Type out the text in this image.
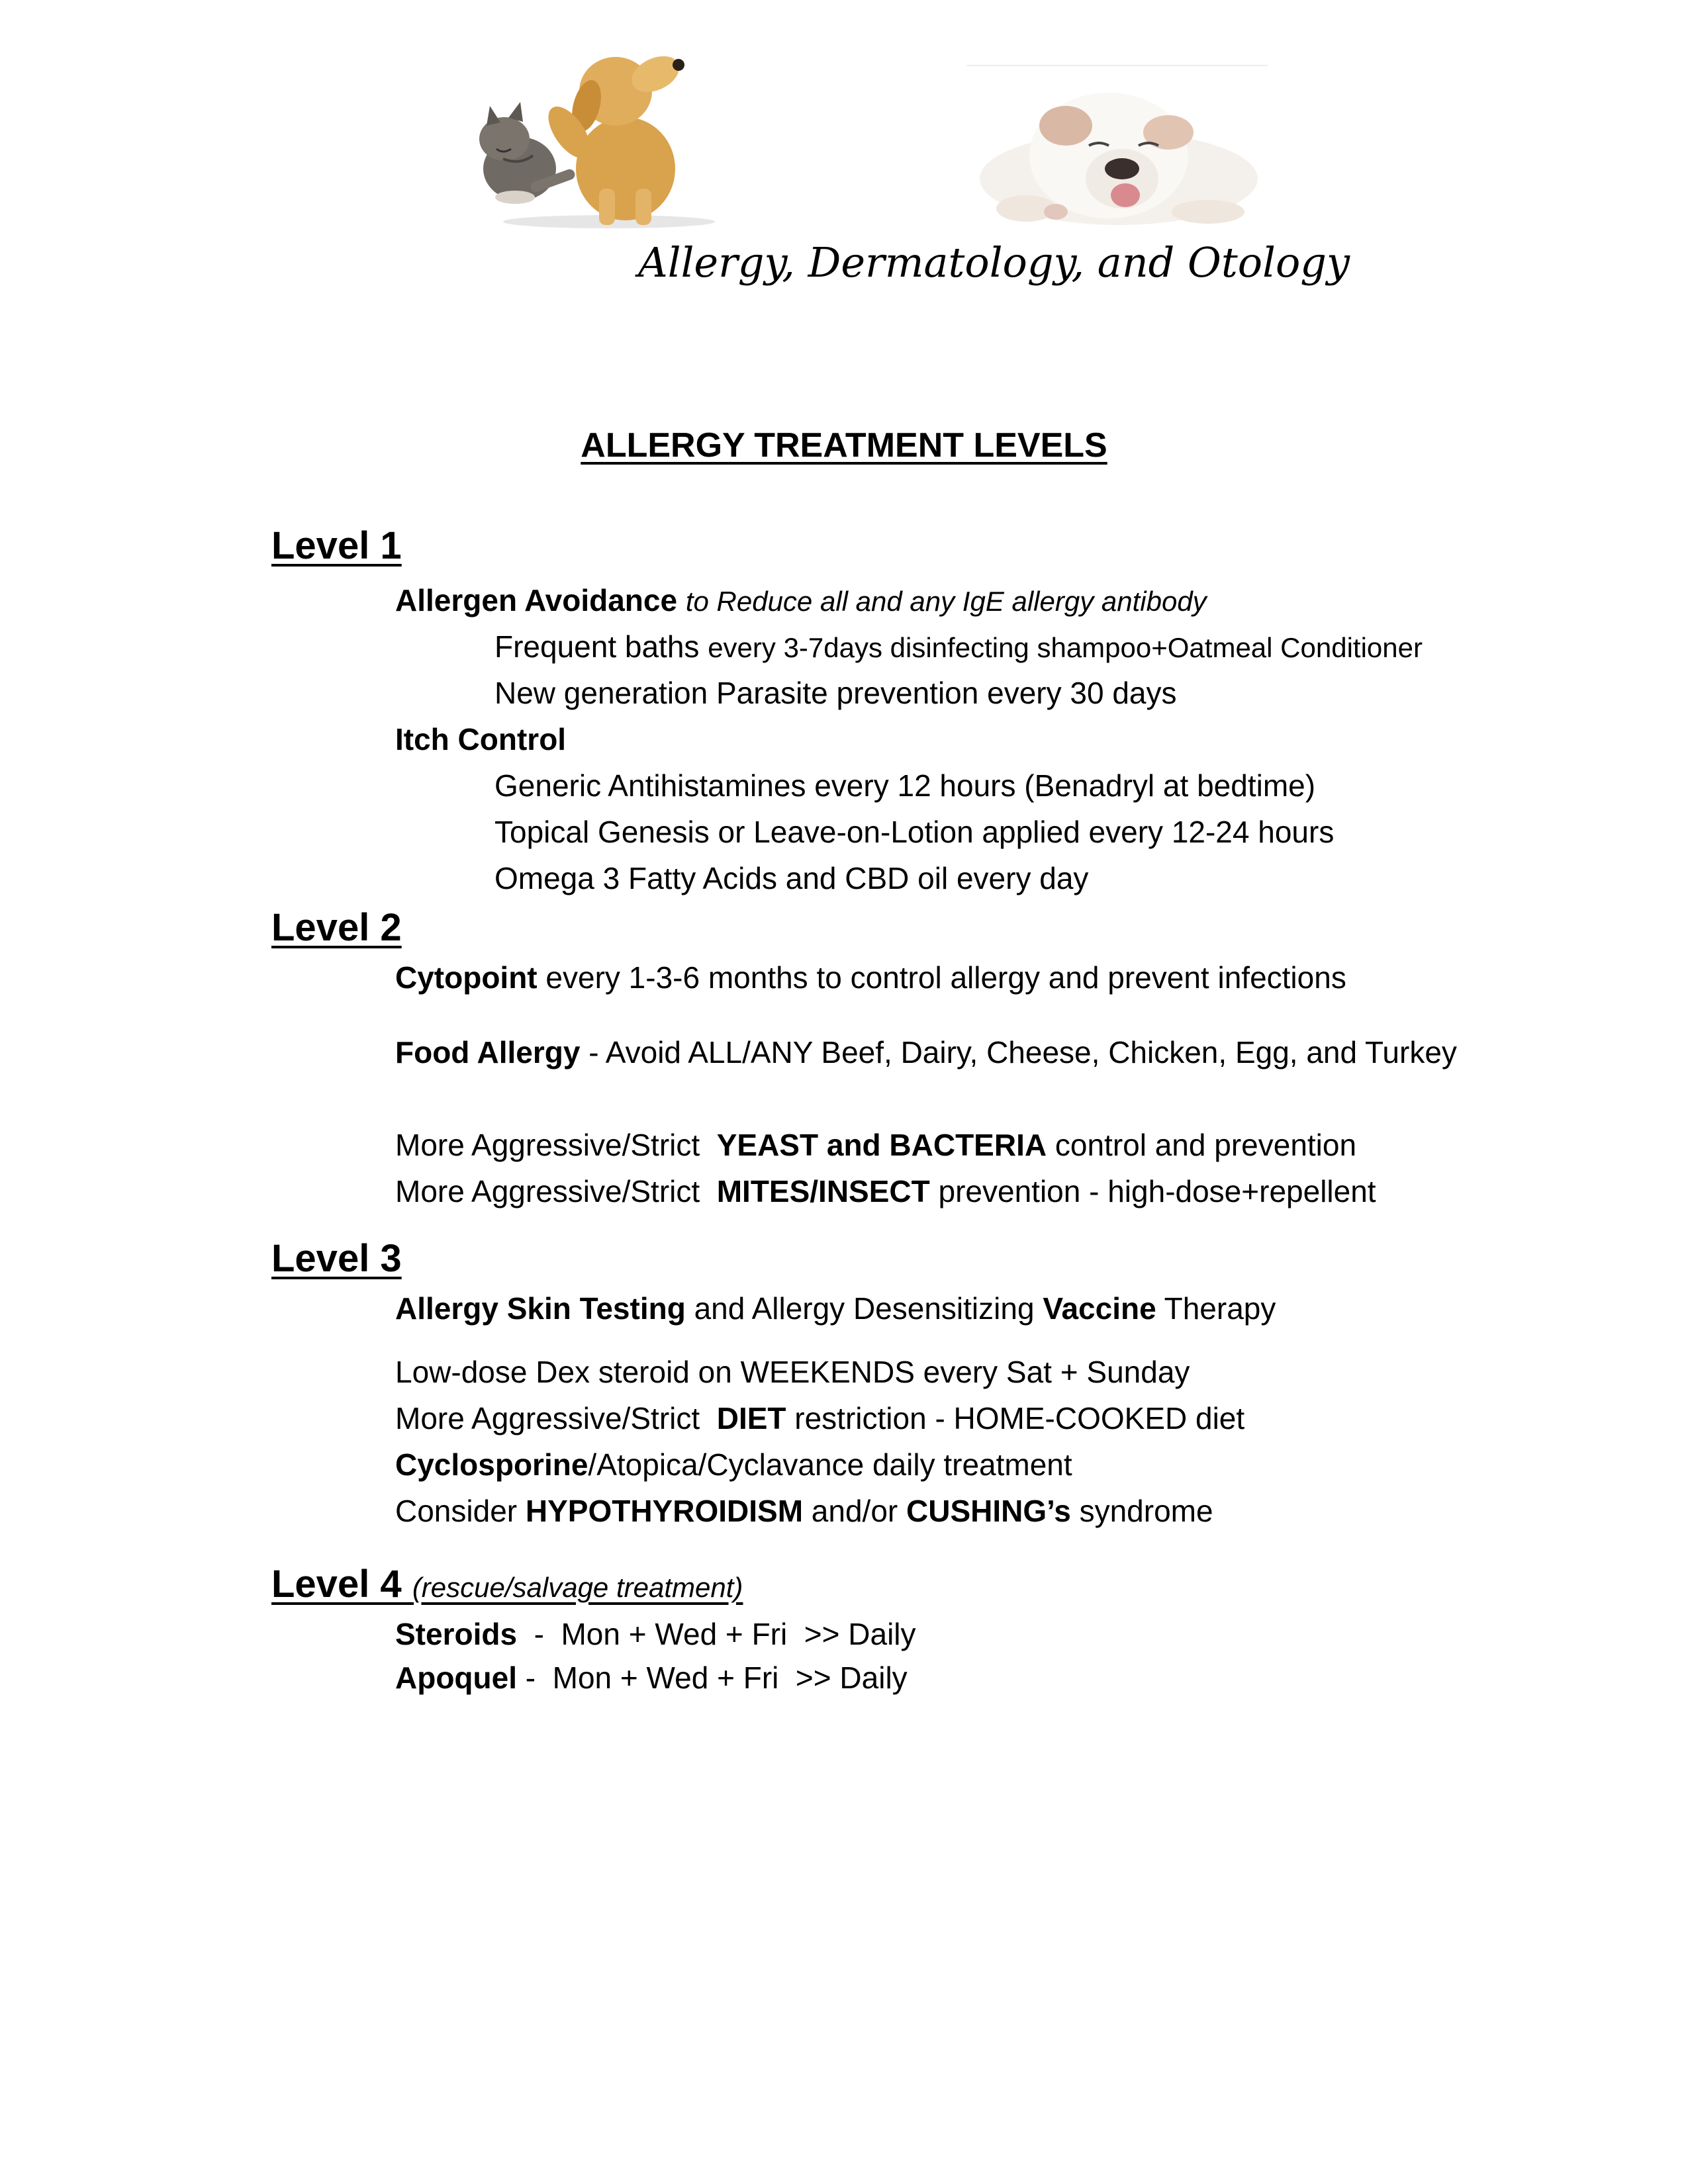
Allergy, Dermatology, and Otology
ALLERGY TREATMENT LEVELS
Level 1
Allergen Avoidance to Reduce all and any IgE allergy antibody
Frequent baths every 3-7days disinfecting shampoo+Oatmeal Conditioner
New generation Parasite prevention every 30 days
Itch Control
Generic Antihistamines every 12 hours (Benadryl at bedtime)
Topical Genesis or Leave-on-Lotion applied every 12-24 hours
Omega 3 Fatty Acids and CBD oil every day
Level 2
Cytopoint every 1-3-6 months to control allergy and prevent infections
Food Allergy - Avoid ALL/ANY Beef, Dairy, Cheese, Chicken, Egg, and Turkey
More Aggressive/Strict  YEAST and BACTERIA control and prevention
More Aggressive/Strict  MITES/INSECT prevention - high-dose+repellent
Level 3
Allergy Skin Testing and Allergy Desensitizing Vaccine Therapy
Low-dose Dex steroid on WEEKENDS every Sat + Sunday
More Aggressive/Strict  DIET restriction - HOME-COOKED diet
Cyclosporine/Atopica/Cyclavance daily treatment
Consider HYPOTHYROIDISM and/or CUSHING’s syndrome
Level 4 (rescue/salvage treatment)
Steroids  -  Mon + Wed + Fri  >> Daily
Apoquel -  Mon + Wed + Fri  >> Daily
